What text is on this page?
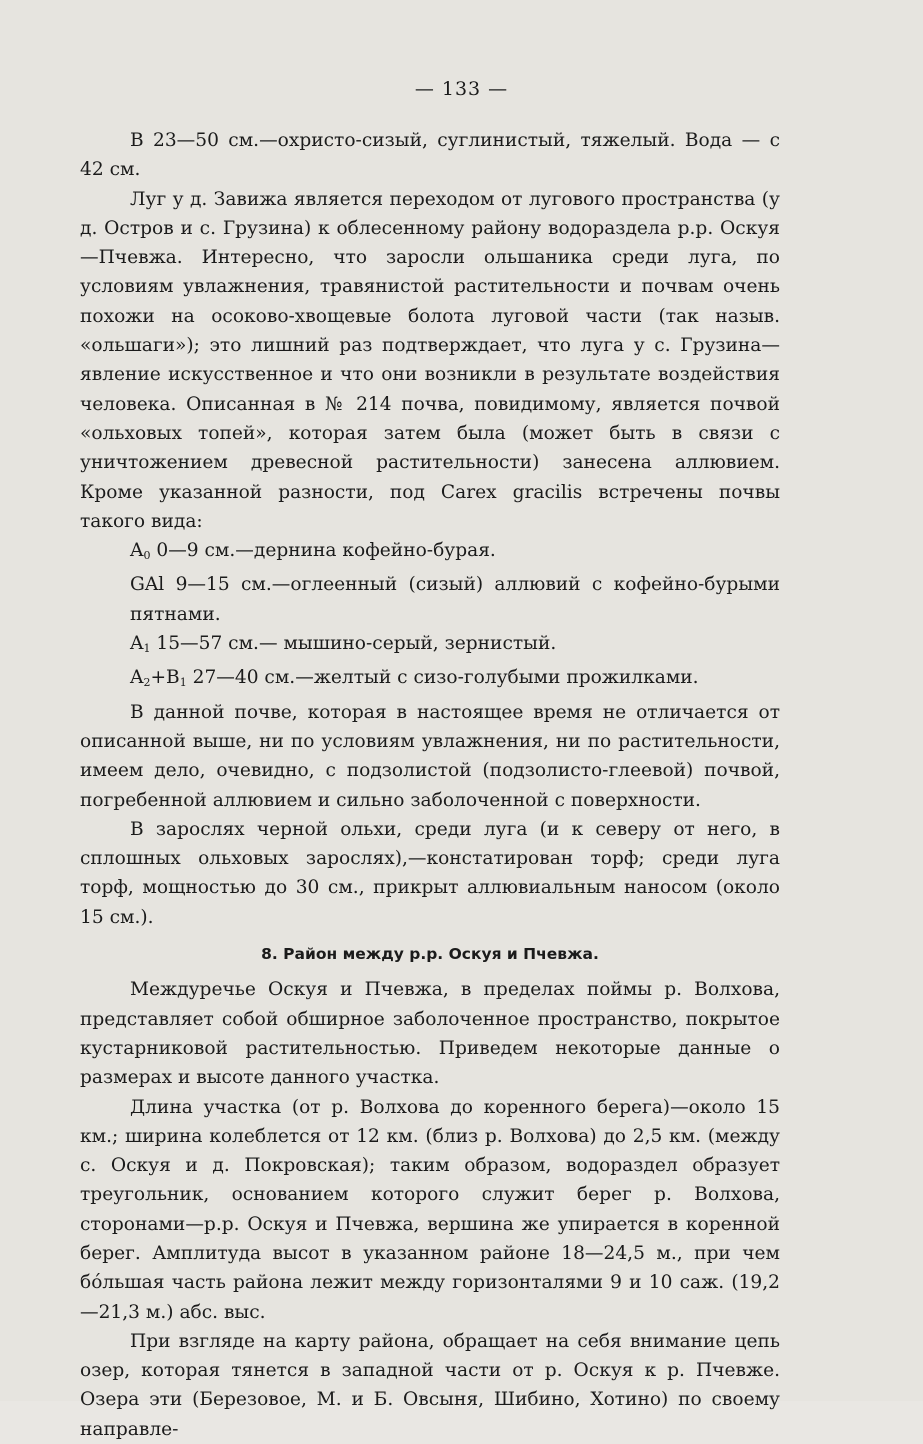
— 133 —

В 23—50 см.—охристо-сизый, суглинистый, тяжелый. Вода — с 42 см.

Луг у д. Завижа является переходом от лугового пространства (у д. Остров и с. Грузина) к облесенному району водораздела р.р. Оскуя—Пчевжа. Интересно, что заросли ольшаника среди луга, по условиям увлажнения, травянистой растительности и почвам очень похожи на осоково-хвощевые болота луговой части (так назыв. «ольшаги»); это лишний раз подтверждает, что луга у с. Грузина—явление искусственное и что они возникли в результате воздействия человека. Описанная в № 214 почва, повидимому, является почвой «ольховых топей», которая затем была (может быть в связи с уничтожением древесной растительности) занесена аллювием. Кроме указанной разности, под Carex gracilis встречены почвы такого вида:

$A_0$ 0—9 см.—дернина кофейно-бурая.

GAl 9—15 см.—оглеенный (сизый) аллювий с кофейно-бурыми пятнами.

$A_1$ 15—57 см.— мышино-серый, зернистый.

$A_2+B_1$ 27—40 см.—желтый с сизо-голубыми прожилками.

В данной почве, которая в настоящее время не отличается от описанной выше, ни по условиям увлажнения, ни по растительности, имеем дело, очевидно, с подзолистой (подзолисто-глеевой) почвой, погребенной аллювием и сильно заболоченной с поверхности.

В зарослях черной ольхи, среди луга (и к северу от него, в сплошных ольховых зарослях),—констатирован торф; среди луга торф, мощностью до 30 см., прикрыт аллювиальным наносом (около 15 см.).

8. Район между р.р. Оскуя и Пчевжа.

Междуречье Оскуя и Пчевжа, в пределах поймы р. Волхова, представляет собой обширное заболоченное пространство, покрытое кустарниковой растительностью. Приведем некоторые данные о размерах и высоте данного участка.

Длина участка (от р. Волхова до коренного берега)—около 15 км.; ширина колеблется от 12 км. (близ р. Волхова) до 2,5 км. (между с. Оскуя и д. Покровская); таким образом, водораздел образует треугольник, основанием которого служит берег р. Волхова, сторонами—р.р. Оскуя и Пчевжа, вершина же упирается в коренной берег. Амплитуда высот в указанном районе 18—24,5 м., при чем бо́льшая часть района лежит между горизонталями 9 и 10 саж. (19,2—21,3 м.) абс. выс.

При взгляде на карту района, обращает на себя внимание цепь озер, которая тянется в западной части от р. Оскуя к р. Пчевже. Озера эти (Березовое, М. и Б. Овсыня, Шибино, Хотино) по своему направле-
